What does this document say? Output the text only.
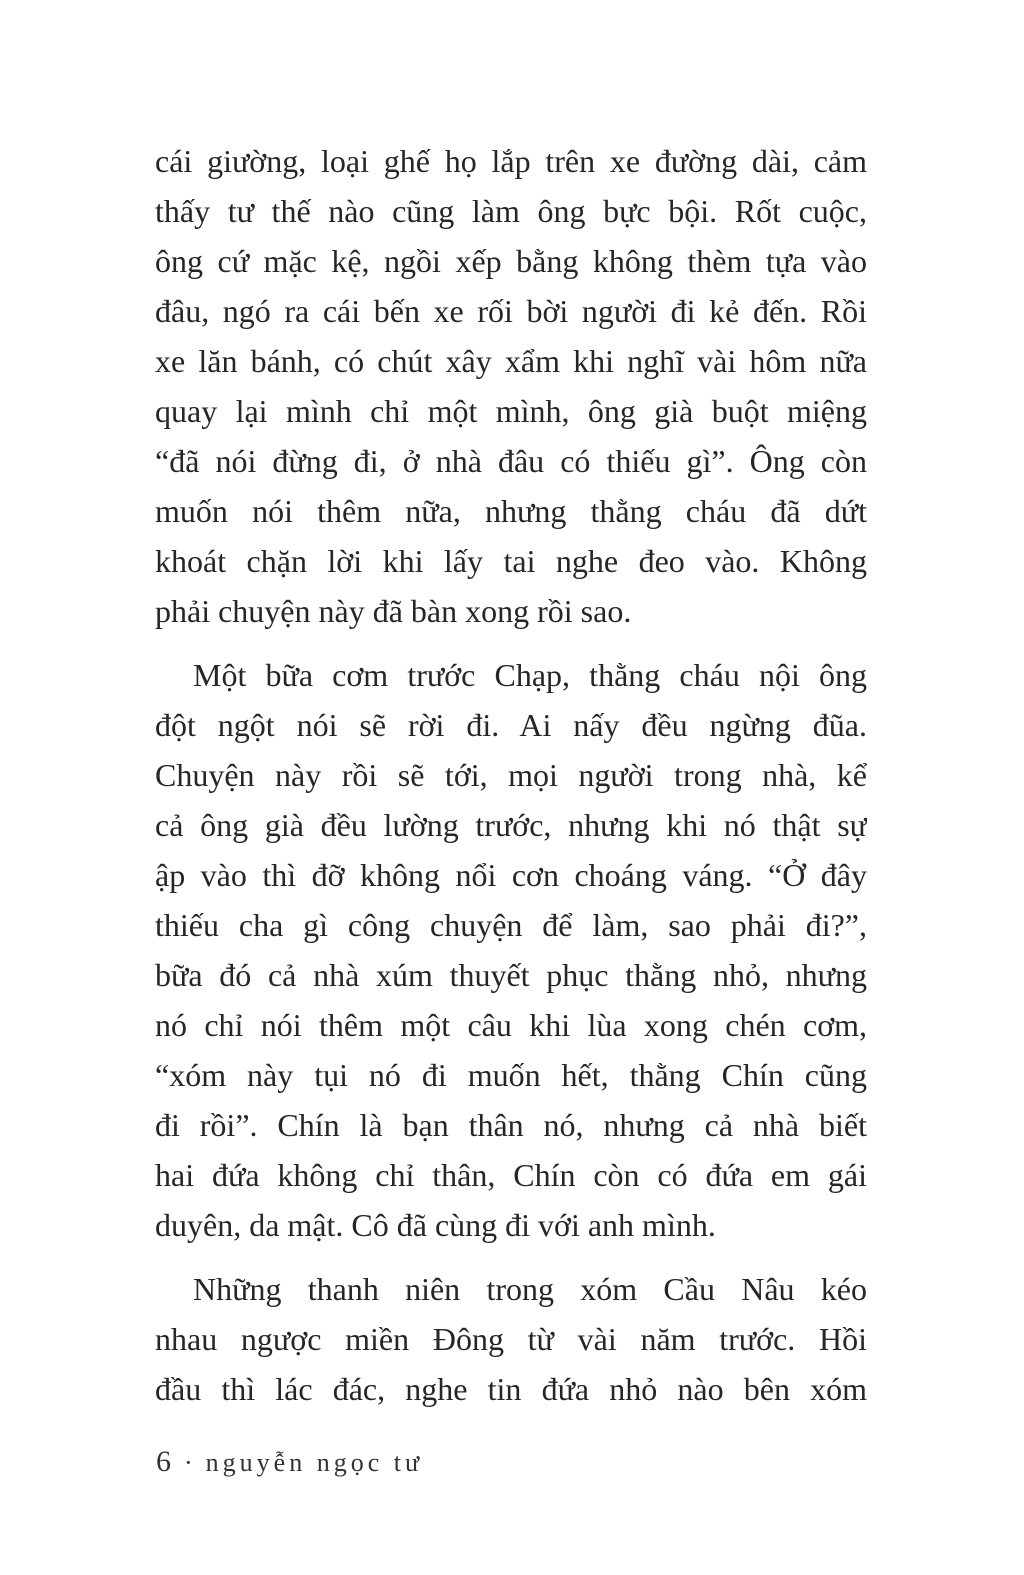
cái giường, loại ghế họ lắp trên xe đường dài, cảm
thấy tư thế nào cũng làm ông bực bội. Rốt cuộc,
ông cứ mặc kệ, ngồi xếp bằng không thèm tựa vào
đâu, ngó ra cái bến xe rối bời người đi kẻ đến. Rồi
xe lăn bánh, có chút xây xẩm khi nghĩ vài hôm nữa
quay lại mình chỉ một mình, ông già buột miệng
“đã nói đừng đi, ở nhà đâu có thiếu gì”. Ông còn
muốn nói thêm nữa, nhưng thằng cháu đã dứt
khoát chặn lời khi lấy tai nghe đeo vào. Không
phải chuyện này đã bàn xong rồi sao.
Một bữa cơm trước Chạp, thằng cháu nội ông
đột ngột nói sẽ rời đi. Ai nấy đều ngừng đũa.
Chuyện này rồi sẽ tới, mọi người trong nhà, kể
cả ông già đều lường trước, nhưng khi nó thật sự
ập vào thì đỡ không nổi cơn choáng váng. “Ở đây
thiếu cha gì công chuyện để làm, sao phải đi?”,
bữa đó cả nhà xúm thuyết phục thằng nhỏ, nhưng
nó chỉ nói thêm một câu khi lùa xong chén cơm,
“xóm này tụi nó đi muốn hết, thằng Chín cũng
đi rồi”. Chín là bạn thân nó, nhưng cả nhà biết
hai đứa không chỉ thân, Chín còn có đứa em gái
duyên, da mật. Cô đã cùng đi với anh mình.
Những thanh niên trong xóm Cầu Nâu kéo
nhau ngược miền Đông từ vài năm trước. Hồi
đầu thì lác đác, nghe tin đứa nhỏ nào bên xóm
6 · nguyễn ngọc tư
